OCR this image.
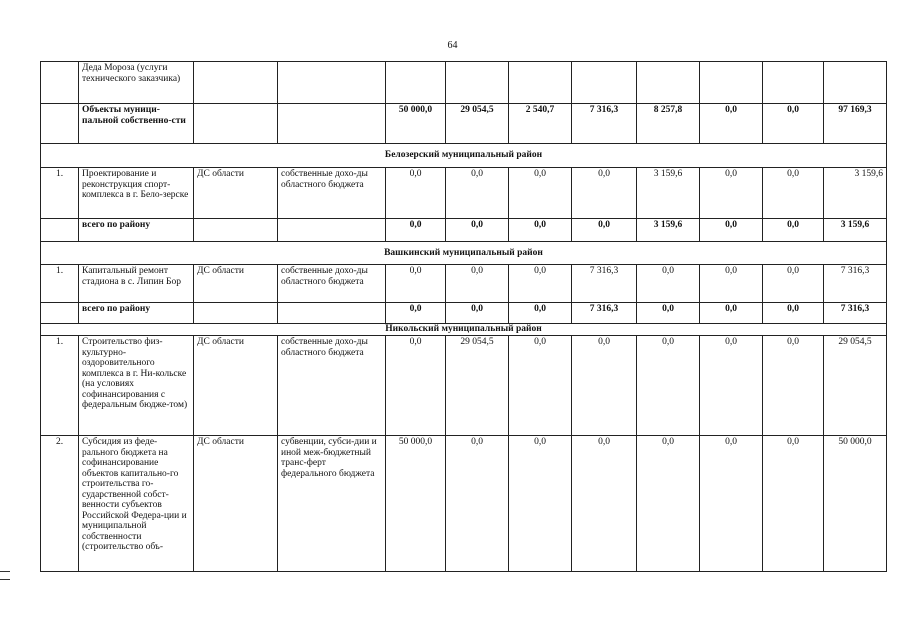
64
	Деда Мороза (услуги технического заказчика)										
	Объекты муници-пальной собственно-сти			50 000,0	29 054,5	2 540,7	7 316,3	8 257,8	0,0	0,0	97 169,3
Белозерский муниципальный район											
1.	Проектирование и реконструкция спорт-комплекса в г. Бело-зерске	ДС области	собственные дохо-ды областного бюджета	0,0	0,0	0,0	0,0	3 159,6	0,0	0,0	3 159,6
	всего по району			0,0	0,0	0,0	0,0	3 159,6	0,0	0,0	3 159,6
Вашкинский муниципальный район											
1.	Капитальный ремонт стадиона в с. Липин Бор	ДС области	собственные дохо-ды областного бюджета	0,0	0,0	0,0	7 316,3	0,0	0,0	0,0	7 316,3
	всего по району			0,0	0,0	0,0	7 316,3	0,0	0,0	0,0	7 316,3
Никольский муниципальный район											
1.	Строительство физ-культурно-оздоровительного комплекса в г. Ни-кольске (на условиях софинансирования с федеральным бюдже-том)	ДС области	собственные дохо-ды областного бюджета	0,0	29 054,5	0,0	0,0	0,0	0,0	0,0	29 054,5
2.	Субсидия из феде-рального бюджета на софинансирование объектов капитально-го строительства го-сударственной собст-венности субъектов Российской Федера-ции и муниципальной собственности (строительство объ-	ДС области	субвенции, субси-дии и иной меж-бюджетный транс-ферт федерального бюджета	50 000,0	0,0	0,0	0,0	0,0	0,0	0,0	50 000,0
